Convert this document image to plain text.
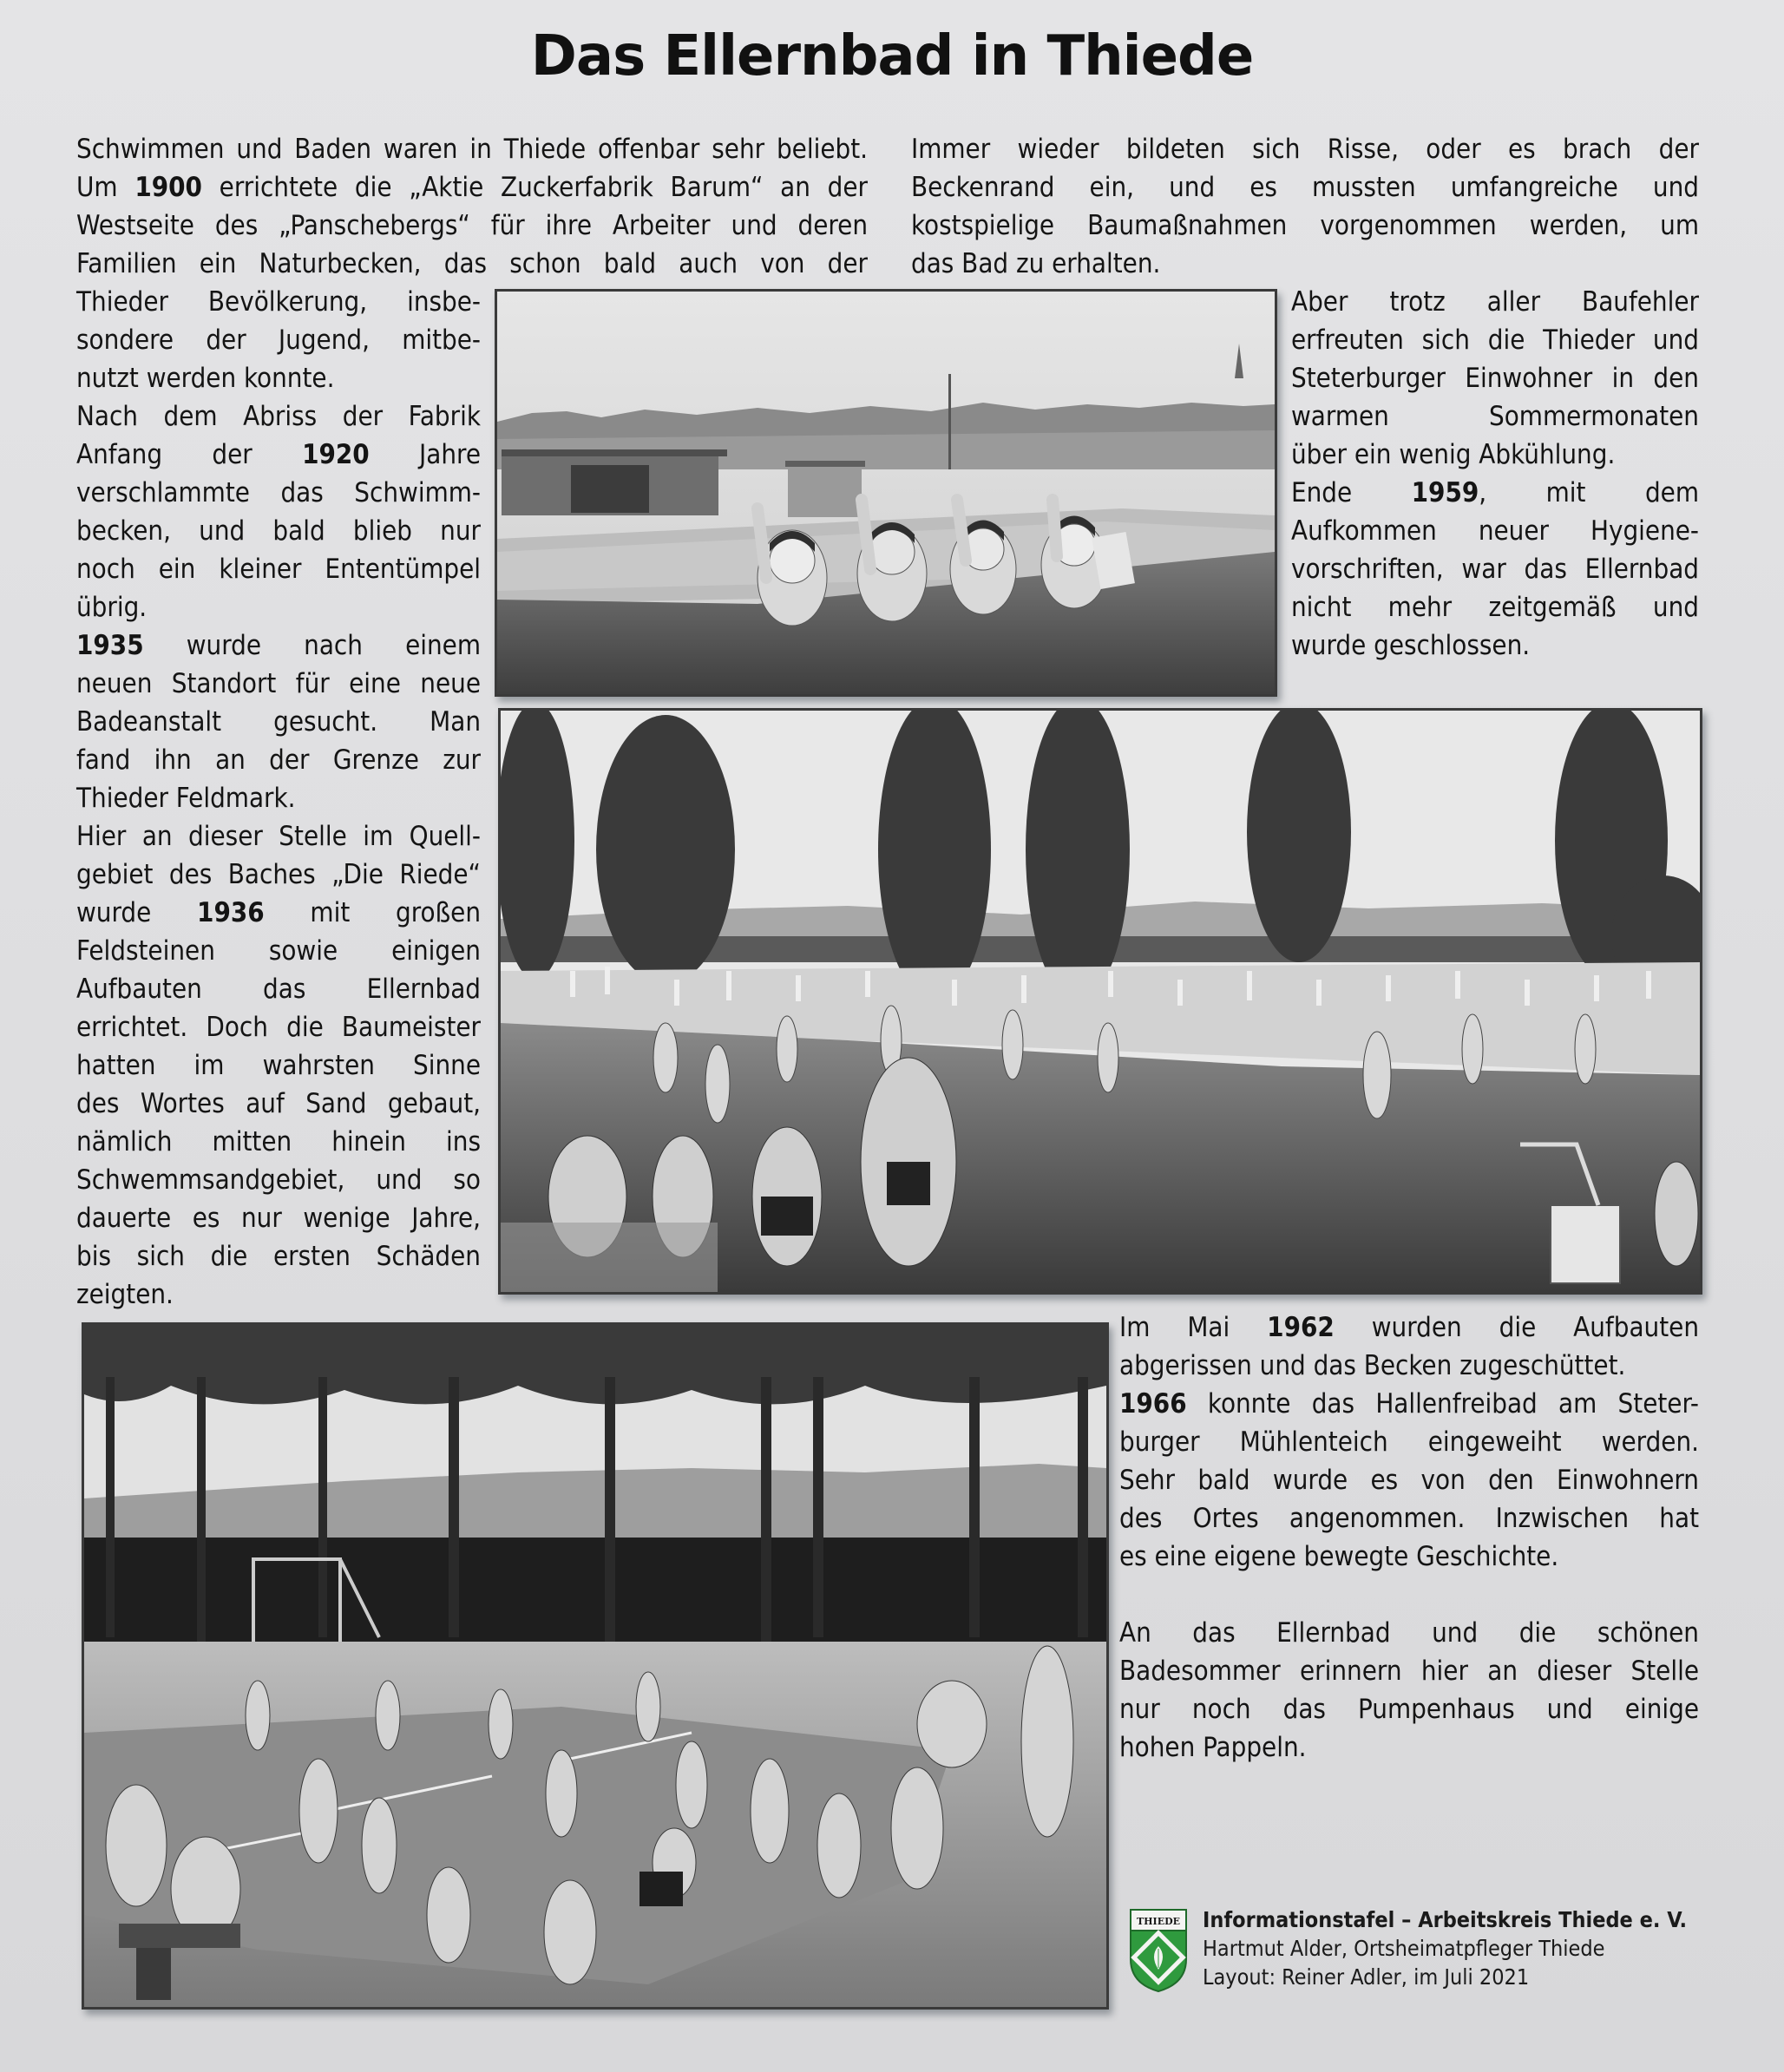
Das Ellernbad in Thiede
Schwimmen und Baden waren in Thiede offenbar sehr beliebt.
Um 1900 errichtete die „Aktie Zuckerfabrik Barum“ an der
Westseite des „Panschebergs“ für ihre Arbeiter und deren
Familien ein Naturbecken, das schon bald auch von der
Thieder Bevölkerung, insbe-
sondere der Jugend, mitbe-
nutzt werden konnte.
Nach dem Abriss der Fabrik
Anfang der 1920 Jahre
verschlammte das Schwimm-
becken, und bald blieb nur
noch ein kleiner Ententümpel
übrig.
1935 wurde nach einem
neuen Standort für eine neue
Badeanstalt gesucht. Man
fand ihn an der Grenze zur
Thieder Feldmark.
Hier an dieser Stelle im Quell-
gebiet des Baches „Die Riede“
wurde 1936 mit großen
Feldsteinen sowie einigen
Aufbauten das Ellernbad
errichtet. Doch die Baumeister
hatten im wahrsten Sinne
des Wortes auf Sand gebaut,
nämlich mitten hinein ins
Schwemmsandgebiet, und so
dauerte es nur wenige Jahre,
bis sich die ersten Schäden
zeigten.
Immer wieder bildeten sich Risse, oder es brach der
Beckenrand ein, und es mussten umfangreiche und
kostspielige Baumaßnahmen vorgenommen werden, um
das Bad zu erhalten.
Aber trotz aller Baufehler
erfreuten sich die Thieder und
Steterburger Einwohner in den
warmen Sommermonaten
über ein wenig Abkühlung.
Ende 1959, mit dem
Aufkommen neuer Hygiene-
vorschriften, war das Ellernbad
nicht mehr zeitgemäß und
wurde geschlossen.
Im Mai 1962 wurden die Aufbauten
abgerissen und das Becken zugeschüttet.
1966 konnte das Hallenfreibad am Steter-
burger Mühlenteich eingeweiht werden.
Sehr bald wurde es von den Einwohnern
des Ortes angenommen. Inzwischen hat
es eine eigene bewegte Geschichte.
An das Ellernbad und die schönen
Badesommer erinnern hier an dieser Stelle
nur noch das Pumpenhaus und einige
hohen Pappeln.
THIEDE Informationstafel – Arbeitskreis Thiede e. V.
Hartmut Alder, Ortsheimatpfleger Thiede
Layout: Reiner Adler, im Juli 2021
